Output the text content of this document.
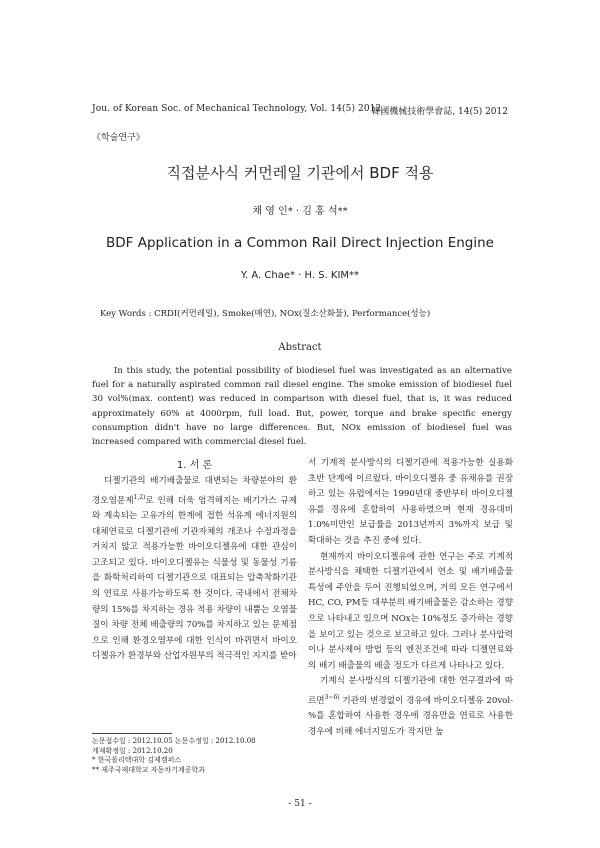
Jou. of Korean Soc. of Mechanical Technology, Vol. 14(5) 2012
韓國機械技術學會誌, 14(5) 2012
《학술연구》
직접분사식 커먼레일 기관에서 BDF 적용
채 영 인* · 김 홍 석**
BDF Application in a Common Rail Direct Injection Engine
Y. A. Chae* · H. S. KIM**
Key Words : CRDI(커먼레일), Smoke(매연), NOx(질소산화물), Performance(성능)
Abstract

In this study, the potential possibility of biodiesel fuel was investigated as an alternative fuel for a naturally aspirated common rail diesel engine. The smoke emission of biodiesel fuel 30 vol%(max. content) was reduced in comparison with diesel fuel, that is, it was reduced approximately 60% at 4000rpm, full load. But, power, torque and brake specific energy consumption didn't have no large differences. But, NOx emission of biodiesel fuel was increased compared with commercial diesel fuel.

1. 서 론

디젤기관의 배기배출물로 대변되는 차량분야의 환경오염문제$^{1,2)}$로 인해 더욱 엄격해지는 배기가스 규제와 계속되는 고유가의 한계에 접한 석유계 에너지원의 대체연료로 디젤기관에 기관자체의 개조나 수정과정을 거치지 않고 적용가능한 바이오디젤유에 대한 관심이 고조되고 있다. 바이오디젤유는 식물성 및 동물성 기름을 화학처리하여 디젤기관으로 대표되는 압축착화기관의 연료로 사용가능하도록 한 것이다. 국내에서 전체차량의 15%를 차지하는 경유 적용 차량이 내뿜는 오염물질이 차량 전체 배출량의 70%를 차지하고 있는 문제점으로 인해 환경오염부에 대한 인식이 바뀌면서 바이오디젤유가 환경부와 산업자원부의 적극적인 지지를 받아

서 기계적 분사방식의 디젤기관에 적용가능한 실용화 초반 단계에 이르렀다. 바이오디젤유 중 유채유를 권장하고 있는 유럽에서는 1990년대 중반부터 바이오디젤유를 경유에 혼합하여 사용하였으며 현재 경유대비 1.0%미만인 보급률을 2013년까지 3%까지 보급 및 확대하는 것을 추진 중에 있다.

현재까지 바이오디젤유에 관한 연구는 주로 기계적 분사방식을 채택한 디젤기관에서 연소 및 배기배출물 특성에 주안을 두어 진행되었으며, 거의 모든 연구에서 HC, CO, PM등 대부분의 배기배출물은 감소하는 경향으로 나타내고 있으며 NOx는 10%정도 증가하는 경향을 보이고 있는 것으로 보고하고 있다. 그러나 분사압력이나 분사제어 방법 등의 엔진조건에 따라 디젤연료와의 배기 배출물의 배출 정도가 다르게 나타나고 있다.

기계식 분사방식의 디젤기관에 대한 연구결과에 따르면$^{3\sim 6)}$ 기관의 변경없이 경유에 바이오디젤유 20vol-%를 혼합하여 사용한 경우에 경유만을 연료로 사용한 경우에 비해 에너지밀도가 작지만 높

논문접수일 : 2012.10.05 논문수정일 : 2012.10.08
게재확정일 : 2012.10.20
* 한국폴리텍대학 김제캠퍼스
** 제주국제대학교 자동차기계공학과
- 51 -
